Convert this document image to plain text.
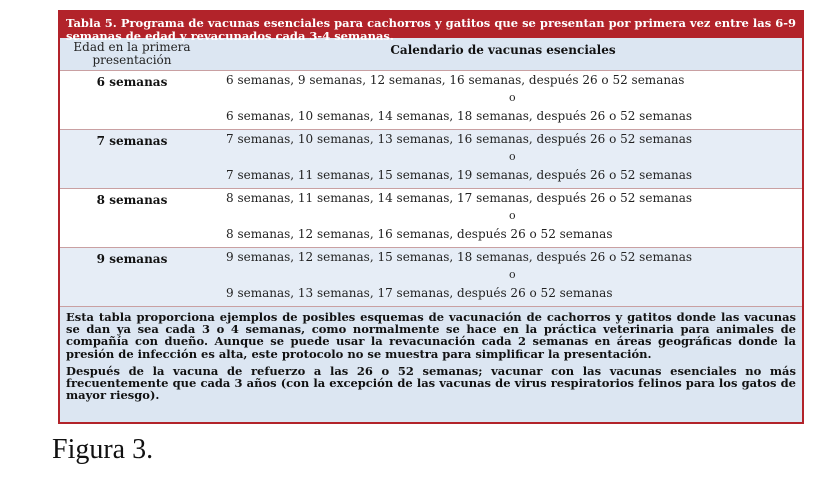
Tabla 5. Programa de vacunas esenciales para cachorros y gatitos que se presentan por primera vez entre las 6-9 semanas de edad y revacunados cada 3-4 semanas.
Edad en la primera presentación
Calendario de vacunas esenciales
6 semanas	6 semanas, 9 semanas, 12 semanas, 16 semanas, después 26 o 52 semanas
o
6 semanas, 10 semanas, 14 semanas, 18 semanas, después 26 o 52 semanas
7 semanas	7 semanas, 10 semanas, 13 semanas, 16 semanas, después 26 o 52 semanas
o
7 semanas, 11 semanas, 15 semanas, 19 semanas, después 26 o 52 semanas
8 semanas	8 semanas, 11 semanas, 14 semanas, 17 semanas, después 26 o 52 semanas
o
8 semanas, 12 semanas, 16 semanas, después 26 o 52 semanas
9 semanas	9 semanas, 12 semanas, 15 semanas, 18 semanas, después 26 o 52 semanas
o
9 semanas, 13 semanas, 17 semanas, después 26 o 52 semanas

Esta tabla proporciona ejemplos de posibles esquemas de vacunación de cachorros y gatitos donde las vacunas se dan ya sea cada 3 o 4 semanas, como normalmente se hace en la práctica veterinaria para animales de compañía con dueño. Aunque se puede usar la revacunación cada 2 semanas en áreas geográficas donde la presión de infección es alta, este protocolo no se muestra para simplificar la presentación.

Después de la vacuna de refuerzo a las 26 o 52 semanas; vacunar con las vacunas esenciales no más frecuentemente que cada 3 años (con la excepción de las vacunas de virus respiratorios felinos para los gatos de mayor riesgo).

Figura 3.
